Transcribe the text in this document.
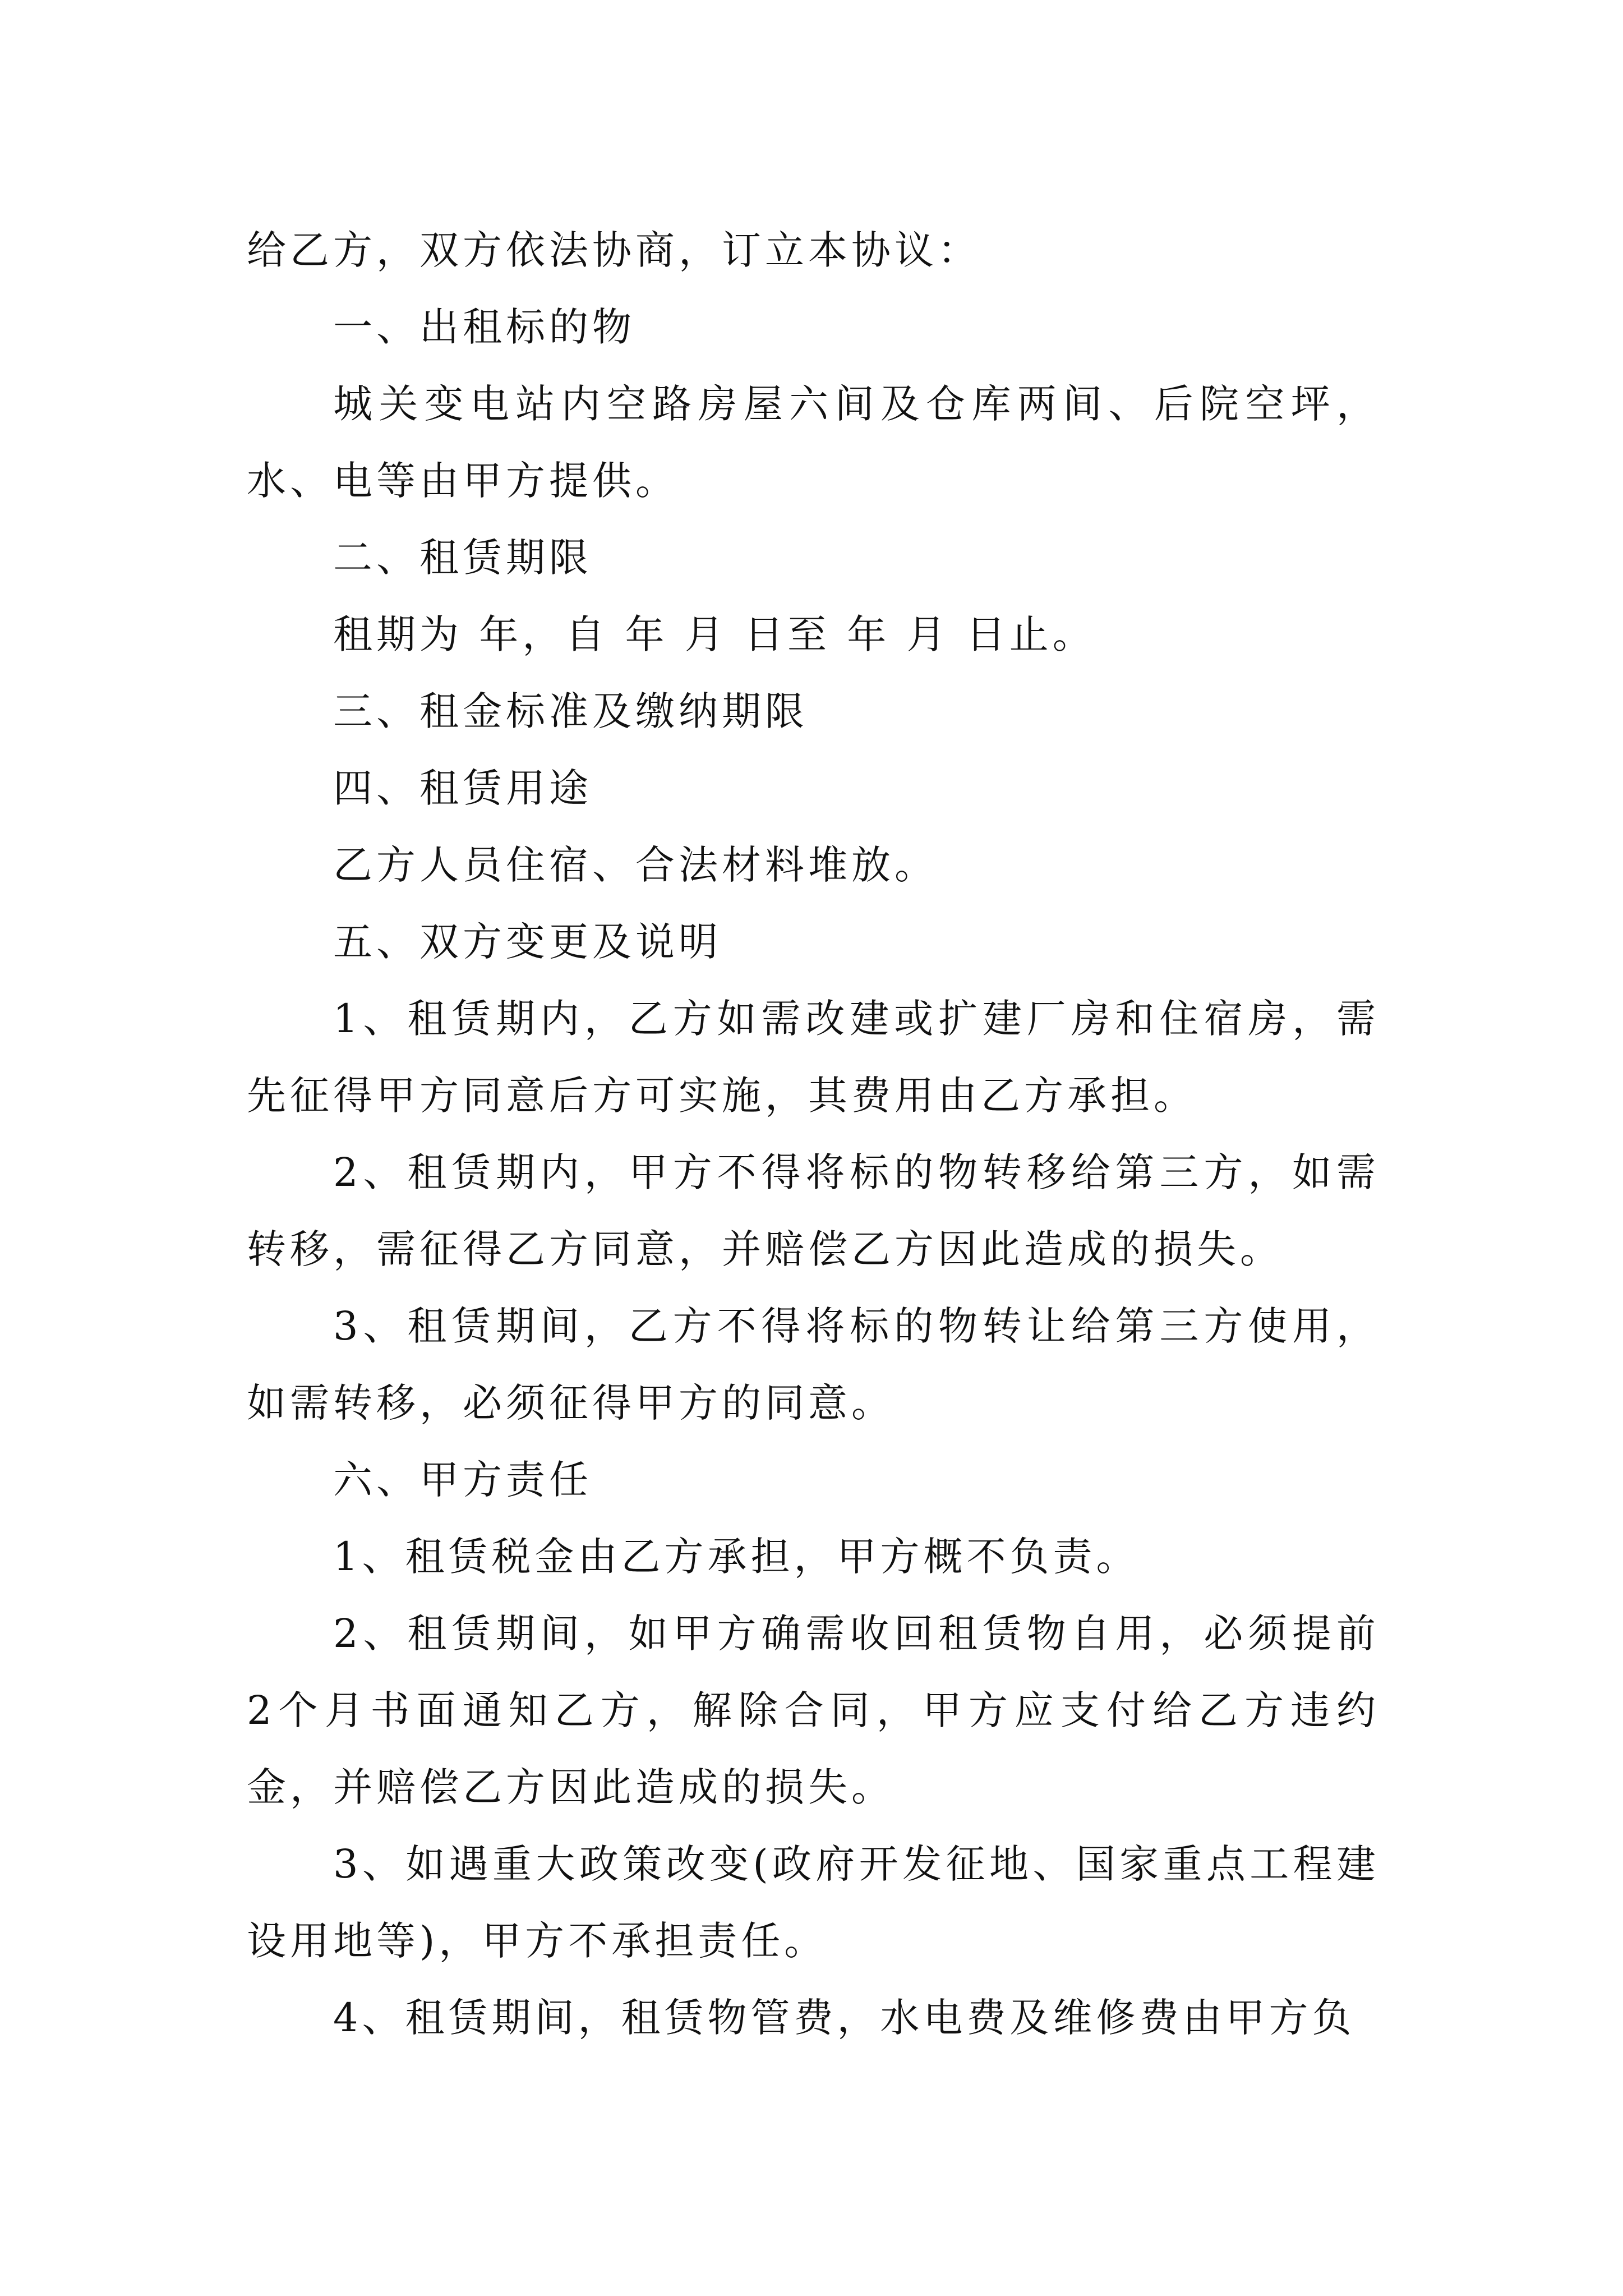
给乙方，双方依法协商，订立本协议：

一、出租标的物

城关变电站内空路房屋六间及仓库两间、后院空坪，水、电等由甲方提供。

二、租赁期限

租期为 年，自 年 月 日至 年 月 日止。

三、租金标准及缴纳期限

四、租赁用途

乙方人员住宿、合法材料堆放。

五、双方变更及说明

1、租赁期内，乙方如需改建或扩建厂房和住宿房，需先征得甲方同意后方可实施，其费用由乙方承担。

2、租赁期内，甲方不得将标的物转移给第三方，如需转移，需征得乙方同意，并赔偿乙方因此造成的损失。

3、租赁期间，乙方不得将标的物转让给第三方使用，如需转移，必须征得甲方的同意。

六、甲方责任

1、租赁税金由乙方承担，甲方概不负责。

2、租赁期间，如甲方确需收回租赁物自用，必须提前2个月书面通知乙方，解除合同，甲方应支付给乙方违约金，并赔偿乙方因此造成的损失。

3、如遇重大政策改变(政府开发征地、国家重点工程建设用地等)，甲方不承担责任。

4、租赁期间，租赁物管费，水电费及维修费由甲方负
